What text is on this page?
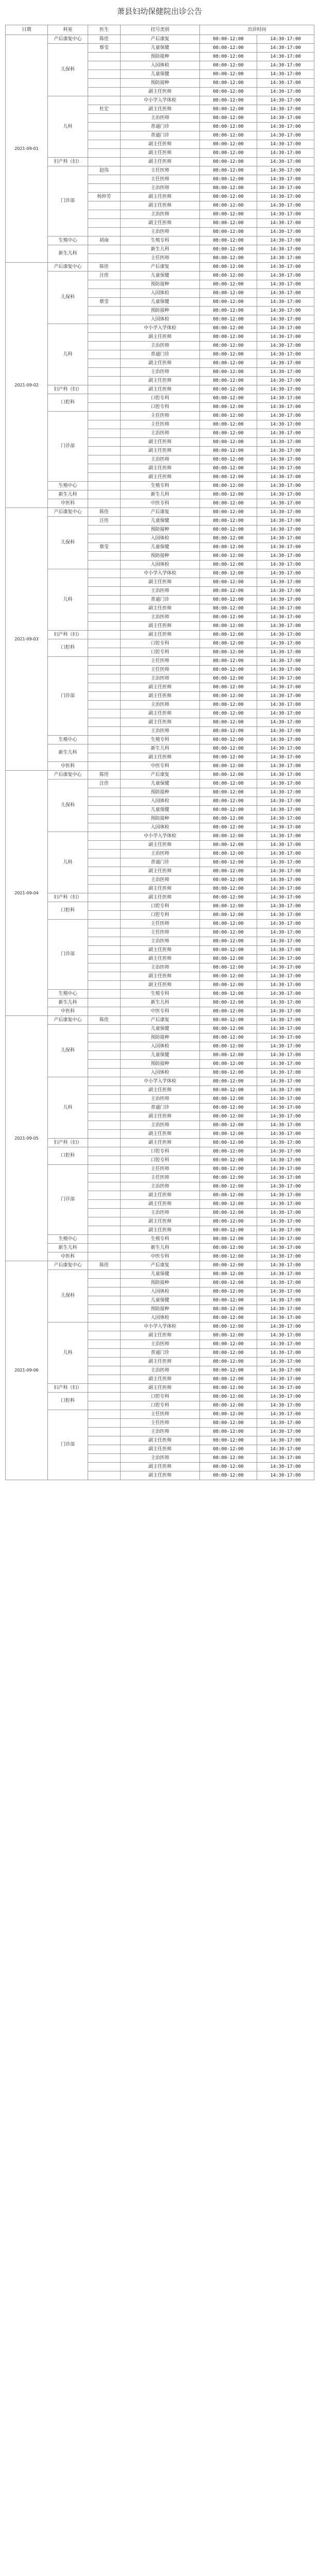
萧县妇幼保健院出诊公告
日期	科室	医生	挂号类别	出诊时间	
2021-09-01	产后康复中心	陈佳	产后康复	08:00-12:00	14:30-17:00
	儿保科	蔡莹	儿童保健	08:00-12:00	14:30-17:00
			预防接种	08:00-12:00	14:30-17:00
			入园体检	08:00-12:00	14:30-17:00
			儿童保健	08:00-12:00	14:30-17:00
			预防接种	08:00-12:00	14:30-17:00
			副主任医师	08:00-12:00	14:30-17:00
	儿科		中小学入学体检	08:00-12:00	14:30-17:00
		杜宏	副主任医师	08:00-12:00	14:30-17:00
			主治医师	08:00-12:00	14:30-17:00
			普通门诊	08:00-12:00	14:30-17:00
			普通门诊	08:00-12:00	14:30-17:00
			副主任医师	08:00-12:00	14:30-17:00
			副主任医师	08:00-12:00	14:30-17:00
	妇产科（妇）		副主任医师	08:00-12:00	14:30-17:00
	门诊部	赵伟	主任医师	08:00-12:00	14:30-17:00
			主任医师	08:00-12:00	14:30-17:00
			主治医师	08:00-12:00	14:30-17:00
		杨仲芳	副主任医师	08:00-12:00	14:30-17:00
			副主任医师	08:00-12:00	14:30-17:00
			主治医师	08:00-12:00	14:30-17:00
			副主任医师	08:00-12:00	14:30-17:00
			主治医师	08:00-12:00	14:30-17:00
	生殖中心	胡南	生殖专科	08:00-12:00	14:30-17:00
	新生儿科		新生儿科	08:00-12:00	14:30-17:00
			主任医师	08:00-12:00	14:30-17:00
2021-09-02	产后康复中心	陈佳	产后康复	08:00-12:00	14:30-17:00
	儿保科	汪佳	儿童保健	08:00-12:00	14:30-17:00
			预防接种	08:00-12:00	14:30-17:00
			入园体检	08:00-12:00	14:30-17:00
		蔡莹	儿童保健	08:00-12:00	14:30-17:00
			预防接种	08:00-12:00	14:30-17:00
			入园体检	08:00-12:00	14:30-17:00
	儿科		中小学入学体检	08:00-12:00	14:30-17:00
			副主任医师	08:00-12:00	14:30-17:00
			主治医师	08:00-12:00	14:30-17:00
			普通门诊	08:00-12:00	14:30-17:00
			副主任医师	08:00-12:00	14:30-17:00
			主治医师	08:00-12:00	14:30-17:00
			副主任医师	08:00-12:00	14:30-17:00
	妇产科（妇）		副主任医师	08:00-12:00	14:30-17:00
	口腔科		口腔专科	08:00-12:00	14:30-17:00
			口腔专科	08:00-12:00	14:30-17:00
	门诊部		主任医师	08:00-12:00	14:30-17:00
			主任医师	08:00-12:00	14:30-17:00
			主治医师	08:00-12:00	14:30-17:00
			副主任医师	08:00-12:00	14:30-17:00
			副主任医师	08:00-12:00	14:30-17:00
			主治医师	08:00-12:00	14:30-17:00
			副主任医师	08:00-12:00	14:30-17:00
			副主任医师	08:00-12:00	14:30-17:00
	生殖中心		生殖专科	08:00-12:00	14:30-17:00
	新生儿科		新生儿科	08:00-12:00	14:30-17:00
	中医科		中医专科	08:00-12:00	14:30-17:00
2021-09-03	产后康复中心	陈佳	产后康复	08:00-12:00	14:30-17:00
	儿保科	汪佳	儿童保健	08:00-12:00	14:30-17:00
			预防接种	08:00-12:00	14:30-17:00
			入园体检	08:00-12:00	14:30-17:00
		蔡莹	儿童保健	08:00-12:00	14:30-17:00
			预防接种	08:00-12:00	14:30-17:00
			入园体检	08:00-12:00	14:30-17:00
	儿科		中小学入学体检	08:00-12:00	14:30-17:00
			副主任医师	08:00-12:00	14:30-17:00
			主治医师	08:00-12:00	14:30-17:00
			普通门诊	08:00-12:00	14:30-17:00
			副主任医师	08:00-12:00	14:30-17:00
			主治医师	08:00-12:00	14:30-17:00
			副主任医师	08:00-12:00	14:30-17:00
	妇产科（妇）		副主任医师	08:00-12:00	14:30-17:00
	口腔科		口腔专科	08:00-12:00	14:30-17:00
			口腔专科	08:00-12:00	14:30-17:00
	门诊部		主任医师	08:00-12:00	14:30-17:00
			主任医师	08:00-12:00	14:30-17:00
			主治医师	08:00-12:00	14:30-17:00
			副主任医师	08:00-12:00	14:30-17:00
			副主任医师	08:00-12:00	14:30-17:00
			主治医师	08:00-12:00	14:30-17:00
			副主任医师	08:00-12:00	14:30-17:00
			副主任医师	08:00-12:00	14:30-17:00
			主治医师	08:00-12:00	14:30-17:00
	生殖中心		生殖专科	08:00-12:00	14:30-17:00
	新生儿科		新生儿科	08:00-12:00	14:30-17:00
			副主任医师	08:00-12:00	14:30-17:00
	中医科		中医专科	08:00-12:00	14:30-17:00
2021-09-04	产后康复中心	陈佳	产后康复	08:00-12:00	14:30-17:00
	儿保科	汪佳	儿童保健	08:00-12:00	14:30-17:00
			预防接种	08:00-12:00	14:30-17:00
			入园体检	08:00-12:00	14:30-17:00
			儿童保健	08:00-12:00	14:30-17:00
			预防接种	08:00-12:00	14:30-17:00
			入园体检	08:00-12:00	14:30-17:00
	儿科		中小学入学体检	08:00-12:00	14:30-17:00
			副主任医师	08:00-12:00	14:30-17:00
			主治医师	08:00-12:00	14:30-17:00
			普通门诊	08:00-12:00	14:30-17:00
			副主任医师	08:00-12:00	14:30-17:00
			主治医师	08:00-12:00	14:30-17:00
			副主任医师	08:00-12:00	14:30-17:00
	妇产科（妇）		副主任医师	08:00-12:00	14:30-17:00
	口腔科		口腔专科	08:00-12:00	14:30-17:00
			口腔专科	08:00-12:00	14:30-17:00
	门诊部		主任医师	08:00-12:00	14:30-17:00
			主任医师	08:00-12:00	14:30-17:00
			主治医师	08:00-12:00	14:30-17:00
			副主任医师	08:00-12:00	14:30-17:00
			副主任医师	08:00-12:00	14:30-17:00
			主治医师	08:00-12:00	14:30-17:00
			副主任医师	08:00-12:00	14:30-17:00
			副主任医师	08:00-12:00	14:30-17:00
	生殖中心		生殖专科	08:00-12:00	14:30-17:00
	新生儿科		新生儿科	08:00-12:00	14:30-17:00
	中医科		中医专科	08:00-12:00	14:30-17:00
2021-09-05	产后康复中心	陈佳	产后康复	08:00-12:00	14:30-17:00
	儿保科		儿童保健	08:00-12:00	14:30-17:00
			预防接种	08:00-12:00	14:30-17:00
			入园体检	08:00-12:00	14:30-17:00
			儿童保健	08:00-12:00	14:30-17:00
			预防接种	08:00-12:00	14:30-17:00
			入园体检	08:00-12:00	14:30-17:00
	儿科		中小学入学体检	08:00-12:00	14:30-17:00
			副主任医师	08:00-12:00	14:30-17:00
			主治医师	08:00-12:00	14:30-17:00
			普通门诊	08:00-12:00	14:30-17:00
			副主任医师	08:00-12:00	14:30-17:00
			主治医师	08:00-12:00	14:30-17:00
			副主任医师	08:00-12:00	14:30-17:00
	妇产科（妇）		副主任医师	08:00-12:00	14:30-17:00
	口腔科		口腔专科	08:00-12:00	14:30-17:00
			口腔专科	08:00-12:00	14:30-17:00
	门诊部		主任医师	08:00-12:00	14:30-17:00
			主任医师	08:00-12:00	14:30-17:00
			主治医师	08:00-12:00	14:30-17:00
			副主任医师	08:00-12:00	14:30-17:00
			副主任医师	08:00-12:00	14:30-17:00
			主治医师	08:00-12:00	14:30-17:00
			副主任医师	08:00-12:00	14:30-17:00
			副主任医师	08:00-12:00	14:30-17:00
	生殖中心		生殖专科	08:00-12:00	14:30-17:00
	新生儿科		新生儿科	08:00-12:00	14:30-17:00
	中医科		中医专科	08:00-12:00	14:30-17:00
2021-09-06	产后康复中心	陈佳	产后康复	08:00-12:00	14:30-17:00
	儿保科		儿童保健	08:00-12:00	14:30-17:00
			预防接种	08:00-12:00	14:30-17:00
			入园体检	08:00-12:00	14:30-17:00
			儿童保健	08:00-12:00	14:30-17:00
			预防接种	08:00-12:00	14:30-17:00
			入园体检	08:00-12:00	14:30-17:00
	儿科		中小学入学体检	08:00-12:00	14:30-17:00
			副主任医师	08:00-12:00	14:30-17:00
			主治医师	08:00-12:00	14:30-17:00
			普通门诊	08:00-12:00	14:30-17:00
			副主任医师	08:00-12:00	14:30-17:00
			主治医师	08:00-12:00	14:30-17:00
			副主任医师	08:00-12:00	14:30-17:00
	妇产科（妇）		副主任医师	08:00-12:00	14:30-17:00
	口腔科		口腔专科	08:00-12:00	14:30-17:00
			口腔专科	08:00-12:00	14:30-17:00
	门诊部		主任医师	08:00-12:00	14:30-17:00
			主任医师	08:00-12:00	14:30-17:00
			主治医师	08:00-12:00	14:30-17:00
			副主任医师	08:00-12:00	14:30-17:00
			副主任医师	08:00-12:00	14:30-17:00
			主治医师	08:00-12:00	14:30-17:00
			副主任医师	08:00-12:00	14:30-17:00
			副主任医师	08:00-12:00	14:30-17:00
